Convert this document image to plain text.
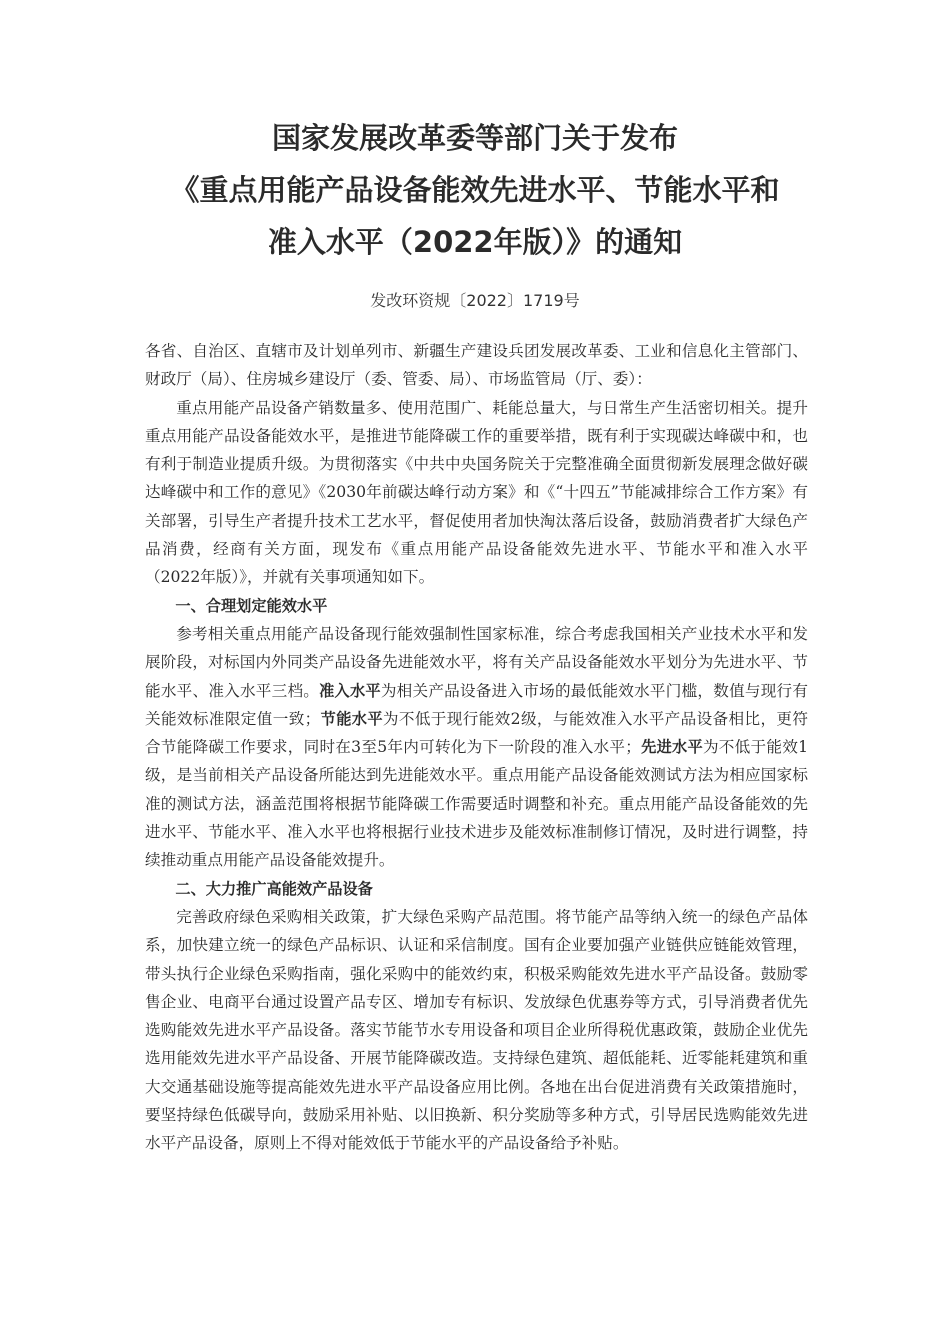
国家发展改革委等部门关于发布
《重点用能产品设备能效先进水平、节能水平和
准入水平（2022年版）》的通知
发改环资规〔2022〕1719号

各省、自治区、直辖市及计划单列市、新疆生产建设兵团发展改革委、工业和信息化主管部门、财政厅（局）、住房城乡建设厅（委、管委、局）、市场监管局（厅、委）：

重点用能产品设备产销数量多、使用范围广、耗能总量大，与日常生产生活密切相关。提升重点用能产品设备能效水平，是推进节能降碳工作的重要举措，既有利于实现碳达峰碳中和，也有利于制造业提质升级。为贯彻落实《中共中央国务院关于完整准确全面贯彻新发展理念做好碳达峰碳中和工作的意见》《2030年前碳达峰行动方案》和《“十四五”节能减排综合工作方案》有关部署，引导生产者提升技术工艺水平，督促使用者加快淘汰落后设备，鼓励消费者扩大绿色产品消费，经商有关方面，现发布《重点用能产品设备能效先进水平、节能水平和准入水平（2022年版）》，并就有关事项通知如下。

一、合理划定能效水平

参考相关重点用能产品设备现行能效强制性国家标准，综合考虑我国相关产业技术水平和发展阶段，对标国内外同类产品设备先进能效水平，将有关产品设备能效水平划分为先进水平、节能水平、准入水平三档。准入水平为相关产品设备进入市场的最低能效水平门槛，数值与现行有关能效标准限定值一致；节能水平为不低于现行能效2级，与能效准入水平产品设备相比，更符合节能降碳工作要求，同时在3至5年内可转化为下一阶段的准入水平；先进水平为不低于能效1级，是当前相关产品设备所能达到先进能效水平。重点用能产品设备能效测试方法为相应国家标准的测试方法，涵盖范围将根据节能降碳工作需要适时调整和补充。重点用能产品设备能效的先进水平、节能水平、准入水平也将根据行业技术进步及能效标准制修订情况，及时进行调整，持续推动重点用能产品设备能效提升。

二、大力推广高能效产品设备

完善政府绿色采购相关政策，扩大绿色采购产品范围。将节能产品等纳入统一的绿色产品体系，加快建立统一的绿色产品标识、认证和采信制度。国有企业要加强产业链供应链能效管理，带头执行企业绿色采购指南，强化采购中的能效约束，积极采购能效先进水平产品设备。鼓励零售企业、电商平台通过设置产品专区、增加专有标识、发放绿色优惠券等方式，引导消费者优先选购能效先进水平产品设备。落实节能节水专用设备和项目企业所得税优惠政策，鼓励企业优先选用能效先进水平产品设备、开展节能降碳改造。支持绿色建筑、超低能耗、近零能耗建筑和重大交通基础设施等提高能效先进水平产品设备应用比例。各地在出台促进消费有关政策措施时，要坚持绿色低碳导向，鼓励采用补贴、以旧换新、积分奖励等多种方式，引导居民选购能效先进水平产品设备，原则上不得对能效低于节能水平的产品设备给予补贴。
